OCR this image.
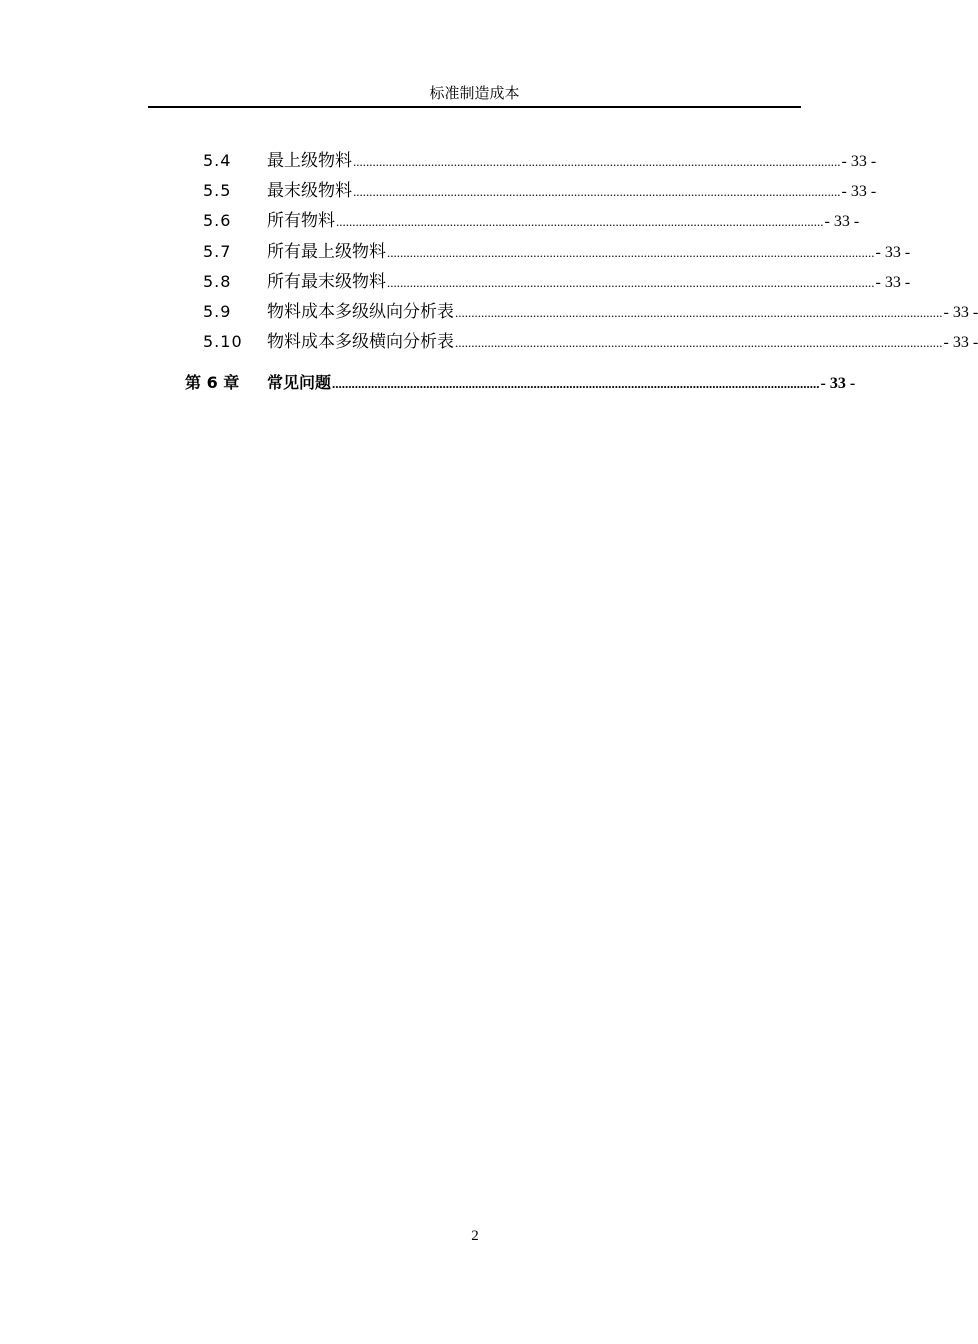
标准制造成本
5.4	最上级物料 ...................................................................................................................................................... - 33 -
5.5	最末级物料 ...................................................................................................................................................... - 33 -
5.6	所有物料 ...................................................................................................................................................... - 33 -
5.7	所有最上级物料 ...................................................................................................................................................... - 33 -
5.8	所有最末级物料 ...................................................................................................................................................... - 33 -
5.9	物料成本多级纵向分析表 ...................................................................................................................................................... - 33 -
5.10	物料成本多级横向分析表 ...................................................................................................................................................... - 33 -
第 6 章	常见问题 ...................................................................................................................................................... - 33 -
2
